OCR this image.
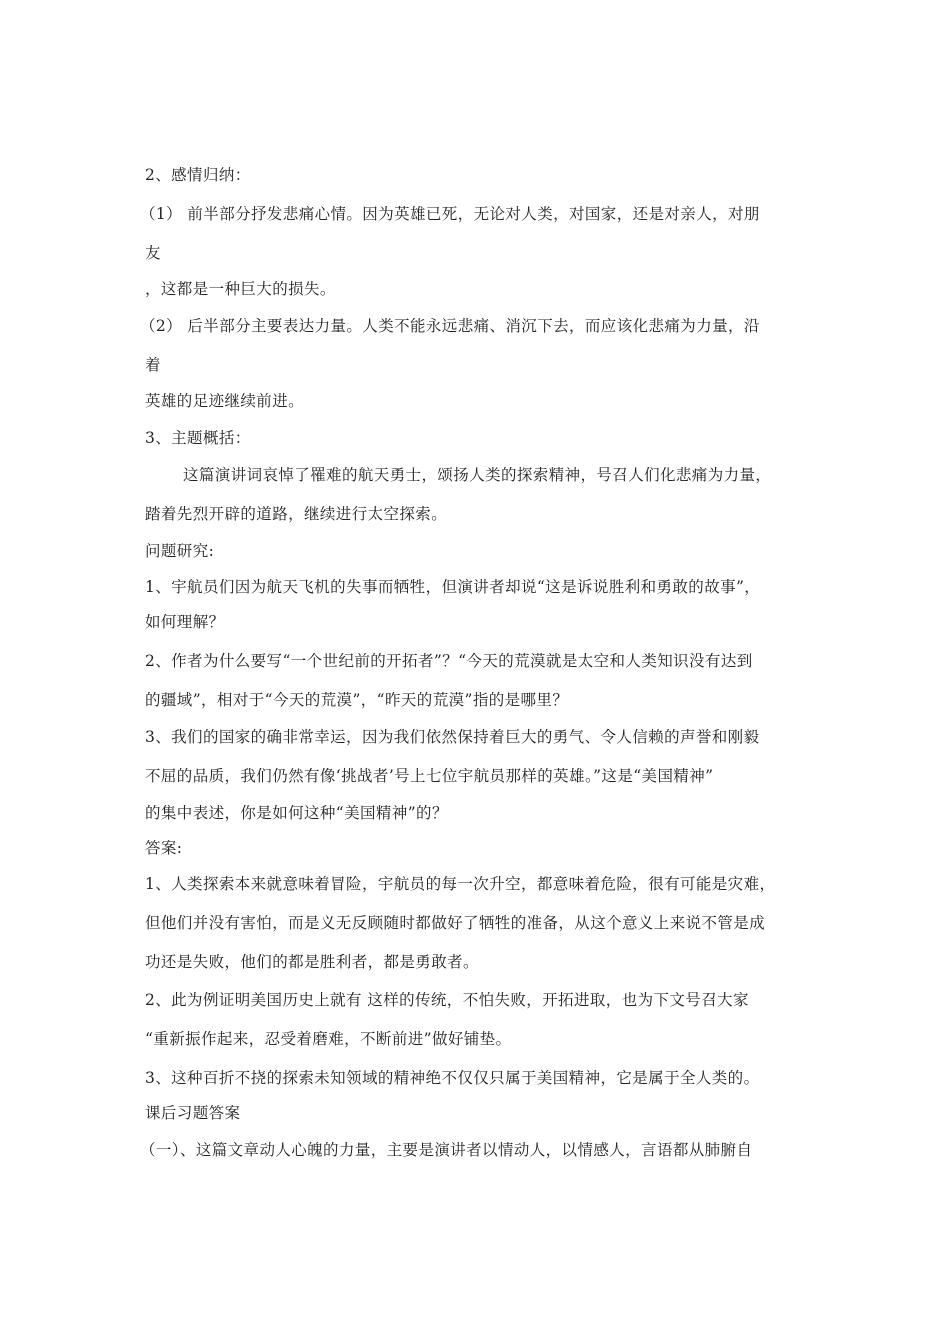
2、感情归纳：
（1） 前半部分抒发悲痛心情。因为英雄已死，无论对人类，对国家，还是对亲人，对朋
友
，这都是一种巨大的损失。
（2） 后半部分主要表达力量。人类不能永远悲痛、消沉下去，而应该化悲痛为力量，沿
着
英雄的足迹继续前进。
3、主题概括：
这篇演讲词哀悼了罹难的航天勇士，颂扬人类的探索精神，号召人们化悲痛为力量，
踏着先烈开辟的道路，继续进行太空探索。
问题研究:
1、宇航员们因为航天飞机的失事而牺牲，但演讲者却说“这是诉说胜利和勇敢的故事”，
如何理解？
2、作者为什么要写“一个世纪前的开拓者”？“今天的荒漠就是太空和人类知识没有达到
的疆域”，相对于“今天的荒漠”，“昨天的荒漠”指的是哪里？
3、我们的国家的确非常幸运，因为我们依然保持着巨大的勇气、令人信赖的声誉和刚毅
不屈的品质，我们仍然有像‘挑战者’号上七位宇航员那样的英雄。”这是“美国精神”
的集中表述，你是如何这种“美国精神”的？
答案:
1、人类探索本来就意味着冒险，宇航员的每一次升空，都意味着危险，很有可能是灾难，
但他们并没有害怕，而是义无反顾随时都做好了牺牲的准备，从这个意义上来说不管是成
功还是失败，他们的都是胜利者，都是勇敢者。
2、此为例证明美国历史上就有 这样的传统，不怕失败，开拓进取，也为下文号召大家
“重新振作起来，忍受着磨难，不断前进”做好铺垫。
3、这种百折不挠的探索未知领域的精神绝不仅仅只属于美国精神，它是属于全人类的。
课后习题答案
（一）、这篇文章动人心魄的力量，主要是演讲者以情动人，以情感人，言语都从肺腑自
